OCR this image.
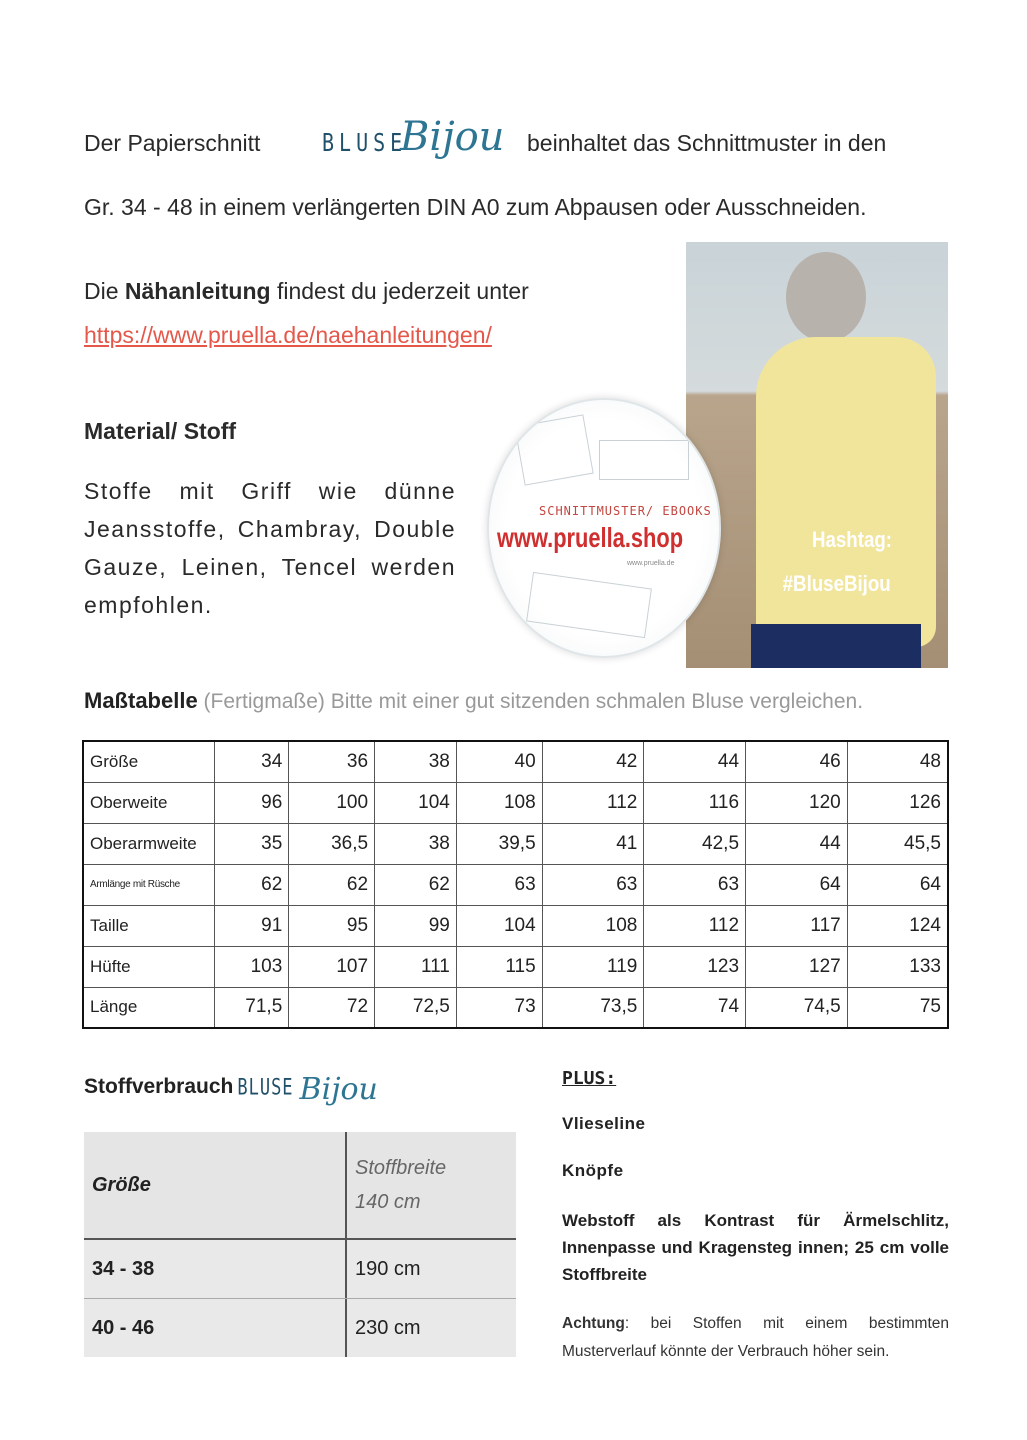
Der Papierschnitt	BLUSE
Bijou beinhaltet das Schnittmuster in den
Gr. 34 - 48 in einem verlängerten DIN A0 zum Abpausen oder Ausschneiden.
Die Nähanleitung findest du jederzeit unter
https://www.pruella.de/naehanleitungen/
Material/ Stoff
Stoffe mit Griff wie dünne Jeansstoffe, Chambray, Double Gauze, Leinen, Tencel werden empfohlen.
Hashtag:
#BluseBijou
SCHNITTMUSTER/ EBOOKS
www.pruella.shop
www.pruella.de
Maßtabelle (Fertigmaße) Bitte mit einer gut sitzenden schmalen Bluse vergleichen.
Größe	34	36	38	40	42	44	46	48
Oberweite	96	100	104	108	112	116	120	126
Oberarmweite	35	36,5	38	39,5	41	42,5	44	45,5
Armlänge mit Rüsche	62	62	62	63	63	63	64	64
Taille	91	95	99	104	108	112	117	124
Hüfte	103	107	111	115	119	123	127	133
Länge	71,5	72	72,5	73	73,5	74	74,5	75
Stoffverbrauch BLUSE Bijou
Größe	Stoffbreite
140 cm

34 - 38	190 cm

40 - 46	230 cm
PLUS:
Vlieseline
Knöpfe
Webstoff als Kontrast für Ärmelschlitz, Innenpasse und Kragensteg innen; 25 cm volle Stoffbreite
Achtung: bei Stoffen mit einem bestimmten Musterverlauf könnte der Verbrauch höher sein.
